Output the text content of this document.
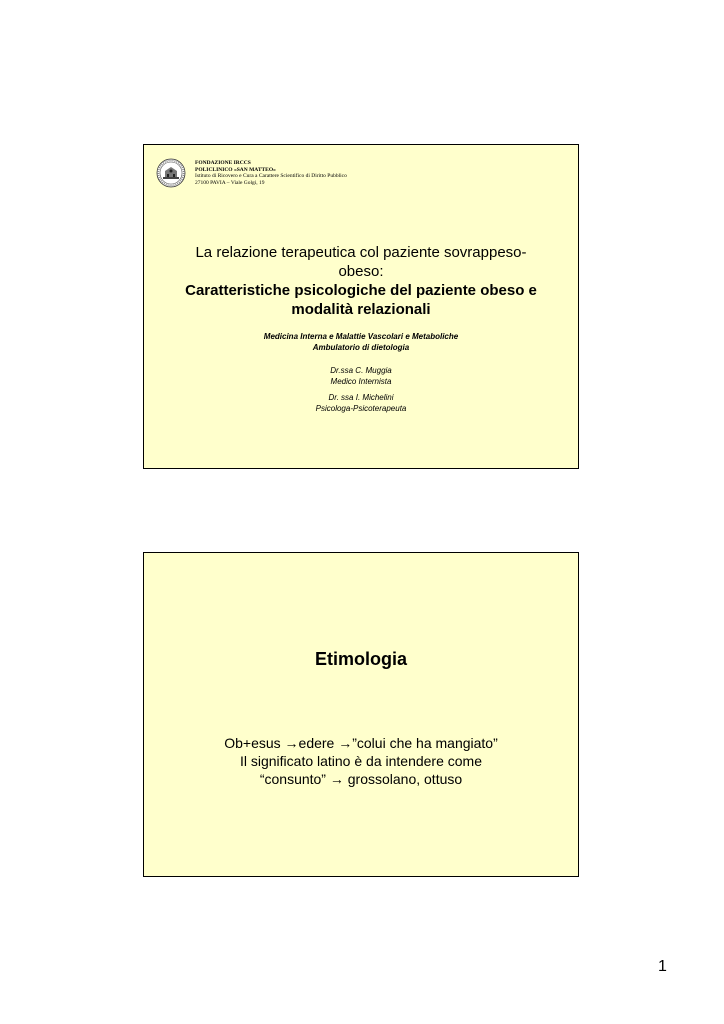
FONDAZIONE IRCCS
POLICLINICO «SAN MATTEO»
Istituto di Ricovero e Cura a Carattere Scientifico di Diritto Pubblico
27100 PAVIA – Viale Golgi, 19
La relazione terapeutica col paziente sovrappeso-
obeso:
Caratteristiche psicologiche del paziente obeso e
modalità relazionali
Medicina Interna e Malattie Vascolari e Metaboliche
Ambulatorio di dietologia
Dr.ssa C. Muggia
Medico Internista
Dr. ssa I. Michelini
Psicologa-Psicoterapeuta
Etimologia
Ob+esus →edere →”colui che ha mangiato”
Il significato latino è da intendere come
“consunto” → grossolano, ottuso
1
